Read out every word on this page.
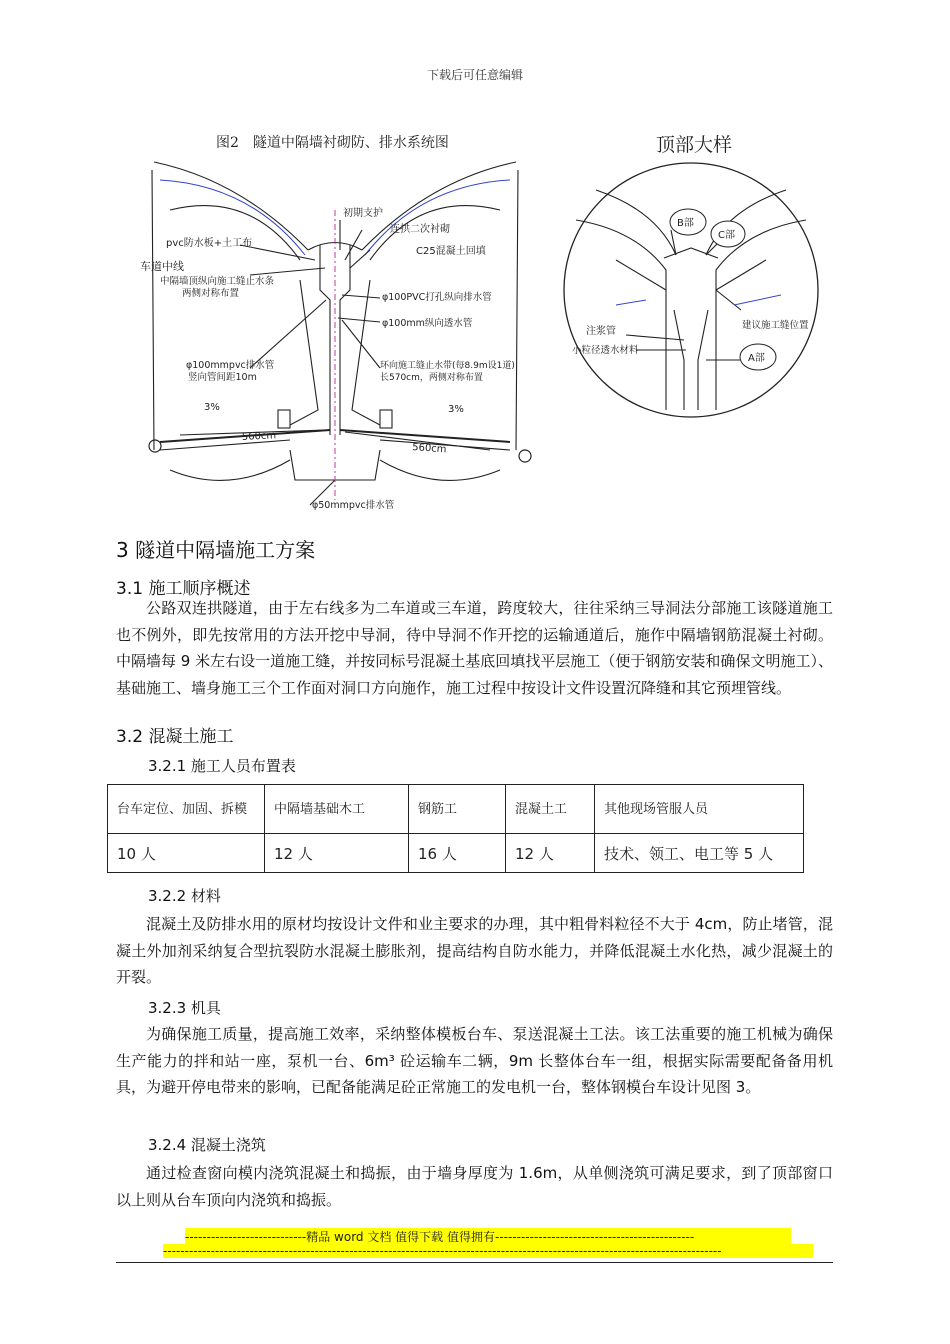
下载后可任意编辑
图2　隧道中隔墙衬砌防、排水系统图	顶部大样
车道中线
初期支护
连拱二次衬砌
C25混凝土回填
pvc防水板+土工布
中隔墙顶纵向施工缝止水条
两侧对称布置	φ100PVC打孔纵向排水管
φ100mm纵向透水管
φ100mmpvc排水管
竖向管间距10m
环向施工缝止水带(每8.9m设1道)
长570cm，两侧对称布置
3%	3%
560cm
560cm
φ50mmpvc排水管
B部
C部
A部
注浆管
小粒径透水材料
建议施工缝位置
3 隧道中隔墙施工方案
3.1 施工顺序概述
公路双连拱隧道，由于左右线多为二车道或三车道，跨度较大，往往采纳三导洞法分部施工该隧道施工也不例外，即先按常用的方法开挖中导洞，待中导洞不作开挖的运输通道后，施作中隔墙钢筋混凝土衬砌。中隔墙每 9 米左右设一道施工缝，并按同标号混凝土基底回填找平层施工（便于钢筋安装和确保文明施工）、基础施工、墙身施工三个工作面对洞口方向施作，施工过程中按设计文件设置沉降缝和其它预埋管线。
3.2 混凝土施工
3.2.1 施工人员布置表
台车定位、加固、拆模	中隔墙基础木工	钢筋工	混凝土工	其他现场管服人员
10 人	12 人	16 人	12 人	技术、领工、电工等 5 人
3.2.2 材料
混凝土及防排水用的原材均按设计文件和业主要求的办理，其中粗骨料粒径不大于 4cm，防止堵管，混凝土外加剂采纳复合型抗裂防水混凝土膨胀剂，提高结构自防水能力，并降低混凝土水化热，减少混凝土的开裂。
3.2.3 机具
为确保施工质量，提高施工效率，采纳整体模板台车、泵送混凝土工法。该工法重要的施工机械为确保生产能力的拌和站一座，泵机一台、6m³ 砼运输车二辆，9m 长整体台车一组，根据实际需要配备备用机具，为避开停电带来的影响，已配备能满足砼正常施工的发电机一台，整体钢模台车设计见图 3。
3.2.4 混凝土浇筑
通过检查窗向模内浇筑混凝土和捣振，由于墙身厚度为 1.6m，从单侧浇筑可满足要求，到了顶部窗口以上则从台车顶向内浇筑和捣振。
----------------------------精品 word 文档 值得下载 值得拥有----------------------------------------------
---------------------------------------------------------------------------------------------------------------------------------
